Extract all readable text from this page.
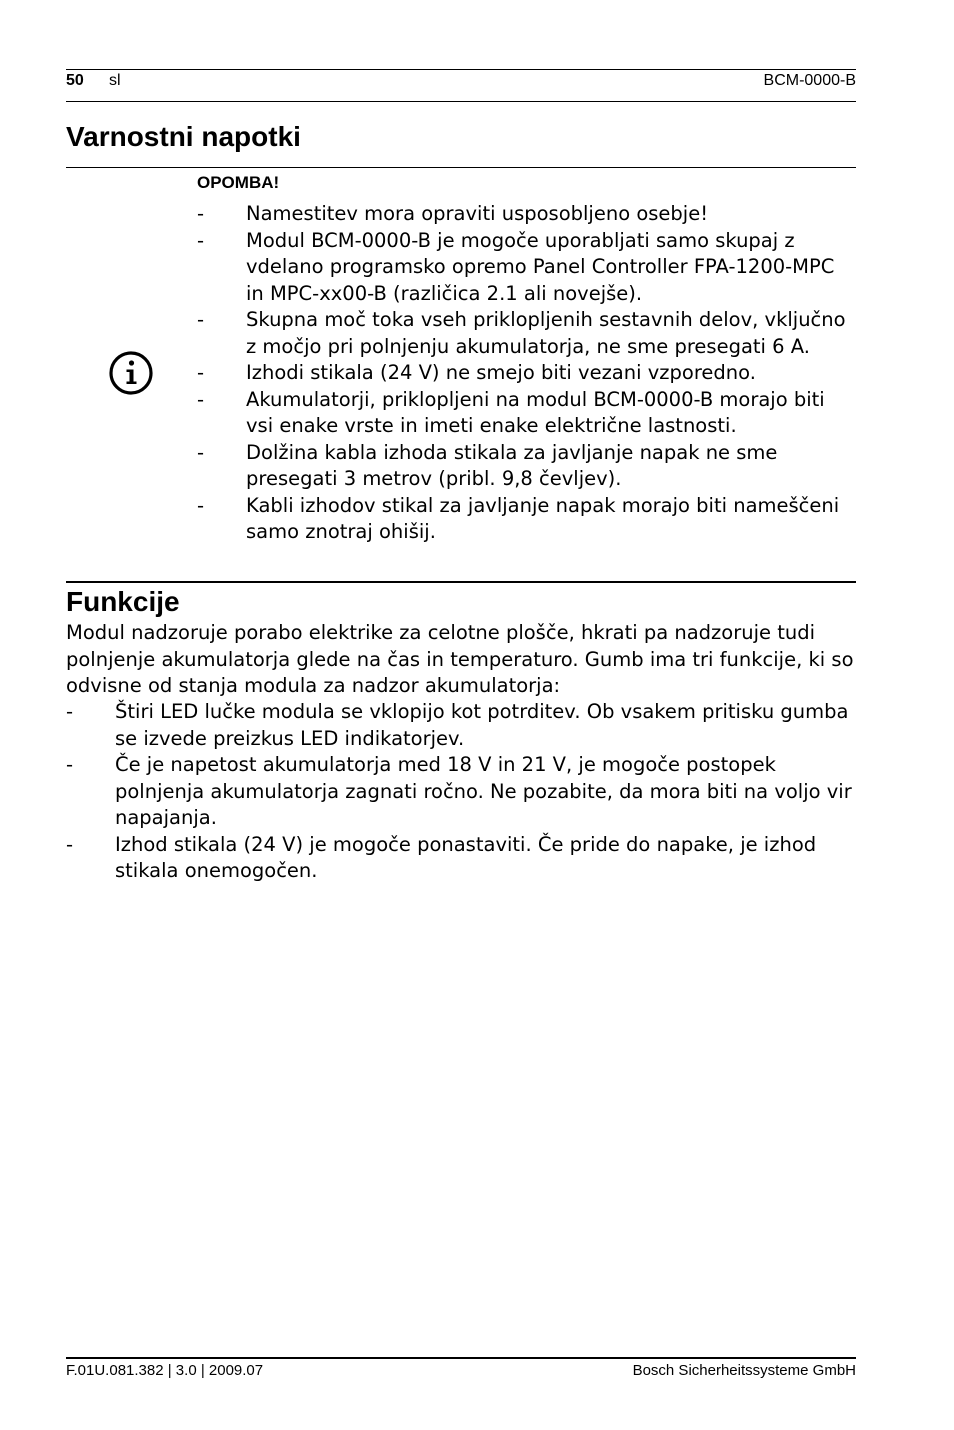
50 sl	BCM-0000-B
Varnostni napotki
OPOMBA!
- Namestitev mora opraviti usposobljeno osebje!
- Modul BCM-0000-B je mogoče uporabljati samo skupaj z vdelano programsko opremo Panel Controller FPA-1200-MPC in MPC-xx00-B (različica 2.1 ali novejše).
- Skupna moč toka vseh priklopljenih sestavnih delov, vključno z močjo pri polnjenju akumulatorja, ne sme presegati 6 A.
- Izhodi stikala (24 V) ne smejo biti vezani vzporedno.
- Akumulatorji, priklopljeni na modul BCM-0000-B morajo biti vsi enake vrste in imeti enake električne lastnosti.
- Dolžina kabla izhoda stikala za javljanje napak ne sme presegati 3 metrov (pribl. 9,8 čevljev).
- Kabli izhodov stikal za javljanje napak morajo biti nameščeni samo znotraj ohišij.
Funkcije

Modul nadzoruje porabo elektrike za celotne plošče, hkrati pa nadzoruje tudi polnjenje akumulatorja glede na čas in temperaturo. Gumb ima tri funkcije, ki so odvisne od stanja modula za nadzor akumulatorja:

- Štiri LED lučke modula se vklopijo kot potrditev. Ob vsakem pritisku gumba se izvede preizkus LED indikatorjev.
- Če je napetost akumulatorja med 18 V in 21 V, je mogoče postopek polnjenja akumulatorja zagnati ročno. Ne pozabite, da mora biti na voljo vir napajanja.
- Izhod stikala (24 V) je mogoče ponastaviti. Če pride do napake, je izhod stikala onemogočen.
F.01U.081.382 | 3.0 | 2009.07	Bosch Sicherheitssysteme GmbH
